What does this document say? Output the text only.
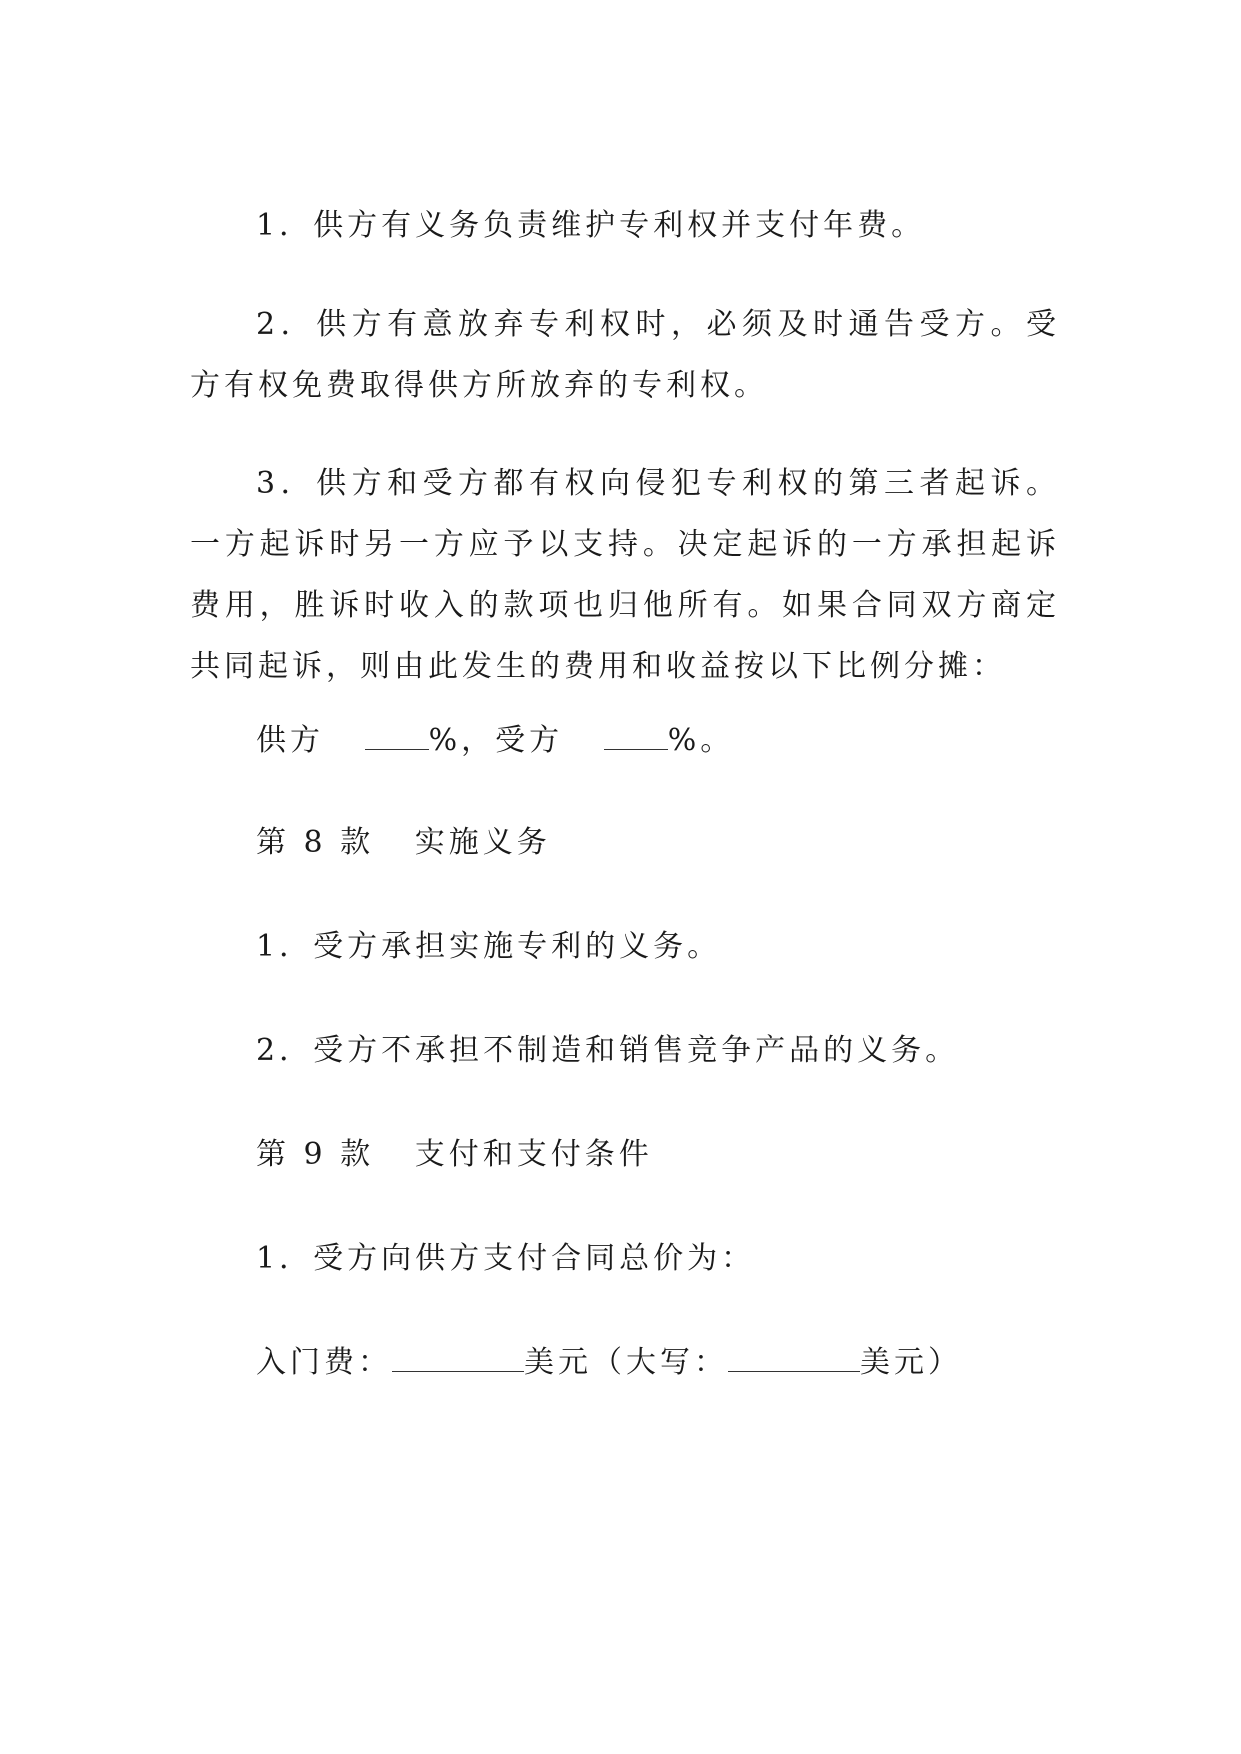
1．供方有义务负责维护专利权并支付年费。

2．供方有意放弃专利权时，必须及时通告受方。受方有权免费取得供方所放弃的专利权。

3．供方和受方都有权向侵犯专利权的第三者起诉。一方起诉时另一方应予以支持。决定起诉的一方承担起诉费用，胜诉时收入的款项也归他所有。如果合同双方商定共同起诉，则由此发生的费用和收益按以下比例分摊：

供方	%，受方	%。
第 8 款 实施义务
1．受方承担实施专利的义务。
2．受方不承担不制造和销售竞争产品的义务。
第 9 款 支付和支付条件
1．受方向供方支付合同总价为：
入门费：	美元（大写：	美元）
